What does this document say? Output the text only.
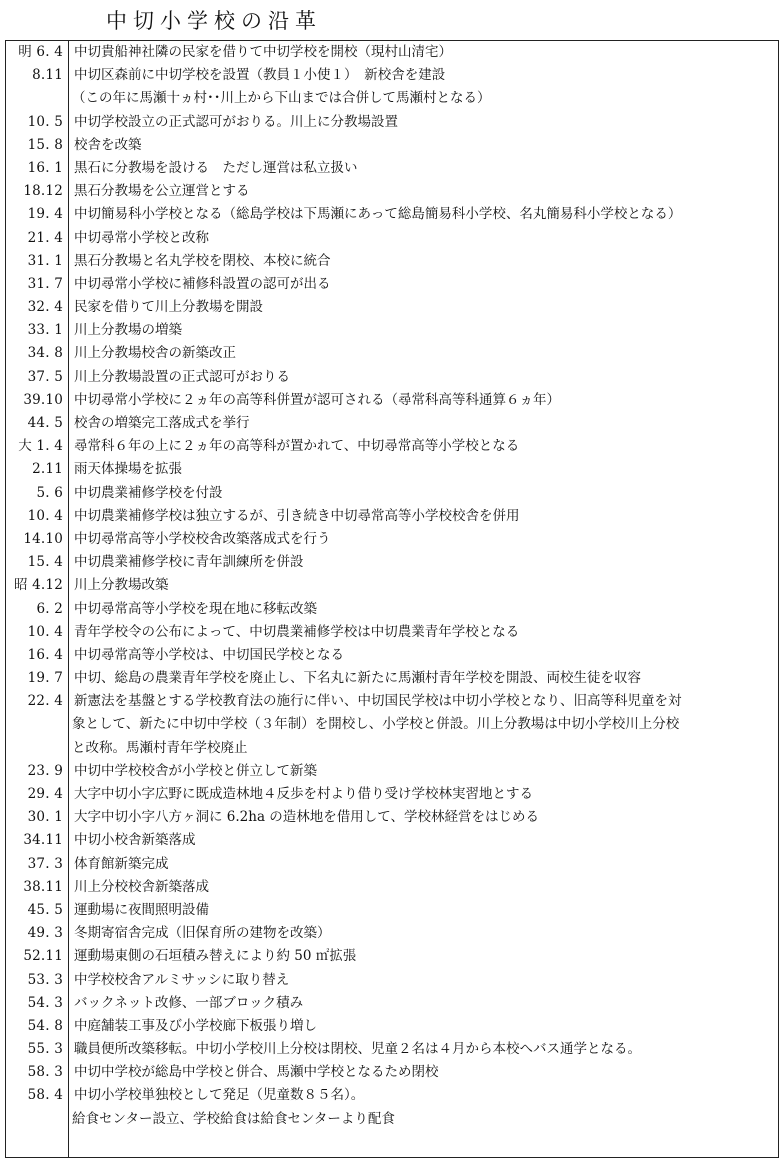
中切小学校の沿革
明 6. 4 中切貴船神社隣の民家を借りて中切学校を開校（現村山清宅）
8.11 中切区森前に中切学校を設置（教員１小使１）　新校舎を建設
（この年に馬瀬十ヵ村･･川上から下山までは合併して馬瀬村となる）
10. 5 中切学校設立の正式認可がおりる。川上に分教場設置
15. 8 校舎を改築
16. 1 黒石に分教場を設ける　ただし運営は私立扱い
18.12 黒石分教場を公立運営とする
19. 4 中切簡易科小学校となる（総島学校は下馬瀬にあって総島簡易科小学校、名丸簡易科小学校となる）
21. 4 中切尋常小学校と改称
31. 1 黒石分教場と名丸学校を閉校、本校に統合
31. 7 中切尋常小学校に補修科設置の認可が出る
32. 4 民家を借りて川上分教場を開設
33. 1 川上分教場の増築
34. 8 川上分教場校舎の新築改正
37. 5 川上分教場設置の正式認可がおりる
39.10 中切尋常小学校に２ヵ年の高等科併置が認可される（尋常科高等科通算６ヵ年）
44. 5 校舎の増築完工落成式を挙行
大 1. 4 尋常科６年の上に２ヵ年の高等科が置かれて、中切尋常高等小学校となる
2.11 雨天体操場を拡張
5. 6 中切農業補修学校を付設
10. 4 中切農業補修学校は独立するが、引き続き中切尋常高等小学校校舎を併用
14.10 中切尋常高等小学校校舎改築落成式を行う
15. 4 中切農業補修学校に青年訓練所を併設
昭 4.12 川上分教場改築
6. 2 中切尋常高等小学校を現在地に移転改築
10. 4 青年学校令の公布によって、中切農業補修学校は中切農業青年学校となる
16. 4 中切尋常高等小学校は、中切国民学校となる
19. 7 中切、総島の農業青年学校を廃止し、下名丸に新たに馬瀬村青年学校を開設、両校生徒を収容
22. 4 新憲法を基盤とする学校教育法の施行に伴い、中切国民学校は中切小学校となり、旧高等科児童を対
象として、新たに中切中学校（３年制）を開校し、小学校と併設。川上分教場は中切小学校川上分校
と改称。馬瀬村青年学校廃止
23. 9 中切中学校校舎が小学校と併立して新築
29. 4 大字中切小字広野に既成造林地４反歩を村より借り受け学校林実習地とする
30. 1 大字中切小字八方ヶ洞に 6.2ha の造林地を借用して、学校林経営をはじめる
34.11 中切小校舎新築落成
37. 3 体育館新築完成
38.11 川上分校校舎新築落成
45. 5 運動場に夜間照明設備
49. 3 冬期寄宿舎完成（旧保育所の建物を改築）
52.11 運動場東側の石垣積み替えにより約 50 ㎡拡張
53. 3 中学校校舎アルミサッシに取り替え
54. 3 バックネット改修、一部ブロック積み
54. 8 中庭舗装工事及び小学校廊下板張り増し
55. 3 職員便所改築移転。中切小学校川上分校は閉校、児童２名は４月から本校へバス通学となる。
58. 3 中切中学校が総島中学校と併合、馬瀬中学校となるため閉校
58. 4 中切小学校単独校として発足（児童数８５名）。
給食センター設立、学校給食は給食センターより配食
